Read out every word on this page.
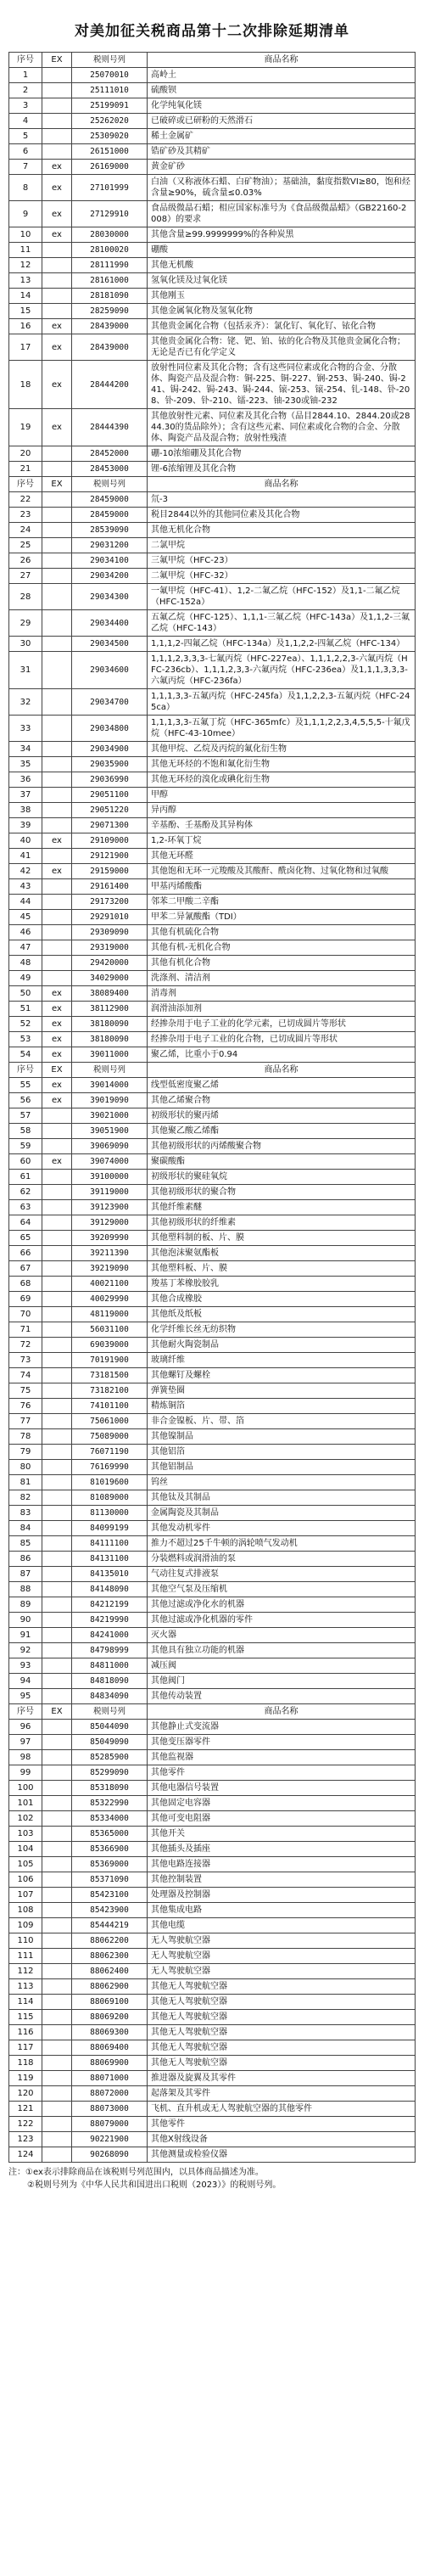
对美加征关税商品第十二次排除延期清单
序号	EX	税则号列	商品名称
1		25070010	高岭土
2		25111010	硫酸钡
3		25199091	化学纯氧化镁
4		25262020	已破碎或已研粉的天然滑石
5		25309020	稀土金属矿
6		26151000	锆矿砂及其精矿
7	ex	26169000	黄金矿砂
8	ex	27101999	白油（又称液体石蜡、白矿物油）；基础油，黏度指数VI≥80，饱和烃含量≥90%，硫含量≤0.03%
9	ex	27129910	食品级微晶石蜡；相应国家标准号为《食品级微晶蜡》（GB22160-2008）的要求
10	ex	28030000	其他含量≥99.9999999%的各种炭黑
11		28100020	硼酸
12		28111990	其他无机酸
13		28161000	氢氧化镁及过氧化镁
14		28181090	其他刚玉
15		28259090	其他金属氧化物及氢氧化物
16	ex	28439000	其他贵金属化合物（包括汞齐）：氯化钌、氧化钌、铱化合物
17	ex	28439000	其他贵金属化合物：铑、钯、铂、铱的化合物及其他贵金属化合物；无论是否已有化学定义
18	ex	28444200	放射性同位素及其化合物；含有这些同位素或化合物的合金、分散体、陶瓷产品及混合物：铜-225、铜-227、锎-253、锔-240、锔-241、锔-242、锔-243、锔-244、锿-253、锿-254、钆-148、钋-208、钋-209、钋-210、镭-223、铀-230或铀-232
19	ex	28444390	其他放射性元素、同位素及其化合物（品目2844.10、2844.20或2844.30的货品除外）；含有这些元素、同位素或化合物的合金、分散体、陶瓷产品及混合物；放射性残渣
20		28452000	硼-10浓缩硼及其化合物
21		28453000	锂-6浓缩锂及其化合物
序号	EX	税则号列	商品名称
22		28459000	氘-3
23		28459000	税目2844以外的其他同位素及其化合物
24		28539090	其他无机化合物
25		29031200	二氯甲烷
26		29034100	三氟甲烷（HFC-23）
27		29034200	二氟甲烷（HFC-32）
28		29034300	一氟甲烷（HFC-41）、1,2-二氟乙烷（HFC-152）及1,1-二氟乙烷（HFC-152a）
29		29034400	五氟乙烷（HFC-125）、1,1,1-三氟乙烷（HFC-143a）及1,1,2-三氟乙烷（HFC-143）
30		29034500	1,1,1,2-四氟乙烷（HFC-134a）及1,1,2,2-四氟乙烷（HFC-134）
31		29034600	1,1,1,2,3,3,3-七氟丙烷（HFC-227ea）、1,1,1,2,2,3-六氟丙烷（HFC-236cb）、1,1,1,2,3,3-六氟丙烷（HFC-236ea）及1,1,1,3,3,3-六氟丙烷（HFC-236fa）
32		29034700	1,1,1,3,3-五氟丙烷（HFC-245fa）及1,1,2,2,3-五氟丙烷（HFC-245ca）
33		29034800	1,1,1,3,3-五氟丁烷（HFC-365mfc）及1,1,1,2,2,3,4,5,5,5-十氟戊烷（HFC-43-10mee）
34		29034900	其他甲烷、乙烷及丙烷的氟化衍生物
35		29035900	其他无环烃的不饱和氟化衍生物
36		29036990	其他无环烃的溴化或碘化衍生物
37		29051100	甲醇
38		29051220	异丙醇
39		29071300	辛基酚、壬基酚及其异构体
40	ex	29109000	1,2-环氧丁烷
41		29121900	其他无环醛
42	ex	29159000	其他饱和无环一元羧酸及其酸酐、酰卤化物、过氧化物和过氧酸
43		29161400	甲基丙烯酸酯
44		29173200	邻苯二甲酸二辛酯
45		29291010	甲苯二异氰酸酯（TDI）
46		29309090	其他有机硫化合物
47		29319000	其他有机-无机化合物
48		29420000	其他有机化合物
49		34029000	洗涤剂、清洁剂
50	ex	38089400	消毒剂
51	ex	38112900	润滑油添加剂
52	ex	38180090	经掺杂用于电子工业的化学元素，已切成圆片等形状
53	ex	38180090	经掺杂用于电子工业的化合物，已切成圆片等形状
54	ex	39011000	聚乙烯，比重小于0.94
序号	EX	税则号列	商品名称
55	ex	39014000	线型低密度聚乙烯
56	ex	39019090	其他乙烯聚合物
57		39021000	初级形状的聚丙烯
58		39051900	其他聚乙酸乙烯酯
59		39069090	其他初级形状的丙烯酸聚合物
60	ex	39074000	聚碳酸酯
61		39100000	初级形状的聚硅氧烷
62		39119000	其他初级形状的聚合物
63		39123900	其他纤维素醚
64		39129000	其他初级形状的纤维素
65		39209990	其他塑料制的板、片、膜
66		39211390	其他泡沫聚氨酯板
67		39219090	其他塑料板、片、膜
68		40021100	羧基丁苯橡胶胶乳
69		40029990	其他合成橡胶
70		48119000	其他纸及纸板
71		56031100	化学纤维长丝无纺织物
72		69039000	其他耐火陶瓷制品
73		70191900	玻璃纤维
74		73181500	其他螺钉及螺栓
75		73182100	弹簧垫圈
76		74101100	精炼铜箔
77		75061000	非合金镍板、片、带、箔
78		75089000	其他镍制品
79		76071190	其他铝箔
80		76169990	其他铝制品
81		81019600	钨丝
82		81089000	其他钛及其制品
83		81130000	金属陶瓷及其制品
84		84099199	其他发动机零件
85		84111100	推力不超过25千牛顿的涡轮喷气发动机
86		84131100	分装燃料或润滑油的泵
87		84135010	气动往复式排液泵
88		84148090	其他空气泵及压缩机
89		84212199	其他过滤或净化水的机器
90		84219990	其他过滤或净化机器的零件
91		84241000	灭火器
92		84798999	其他具有独立功能的机器
93		84811000	减压阀
94		84818090	其他阀门
95		84834090	其他传动装置
序号	EX	税则号列	商品名称
96		85044090	其他静止式变流器
97		85049090	其他变压器零件
98		85285900	其他监视器
99		85299090	其他零件
100		85318090	其他电器信号装置
101		85322990	其他固定电容器
102		85334000	其他可变电阻器
103		85365000	其他开关
104		85366900	其他插头及插座
105		85369000	其他电路连接器
106		85371090	其他控制装置
107		85423100	处理器及控制器
108		85423900	其他集成电路
109		85444219	其他电缆
110		88062200	无人驾驶航空器
111		88062300	无人驾驶航空器
112		88062400	无人驾驶航空器
113		88062900	其他无人驾驶航空器
114		88069100	其他无人驾驶航空器
115		88069200	其他无人驾驶航空器
116		88069300	其他无人驾驶航空器
117		88069400	其他无人驾驶航空器
118		88069900	其他无人驾驶航空器
119		88071000	推进器及旋翼及其零件
120		88072000	起落架及其零件
121		88073000	飞机、直升机或无人驾驶航空器的其他零件
122		88079000	其他零件
123		90221900	其他X射线设备
124		90268090	其他测量或检验仪器
注：①ex表示排除商品在该税则号列范围内，以具体商品描述为准。
②税则号列为《中华人民共和国进出口税则（2023）》的税则号列。
